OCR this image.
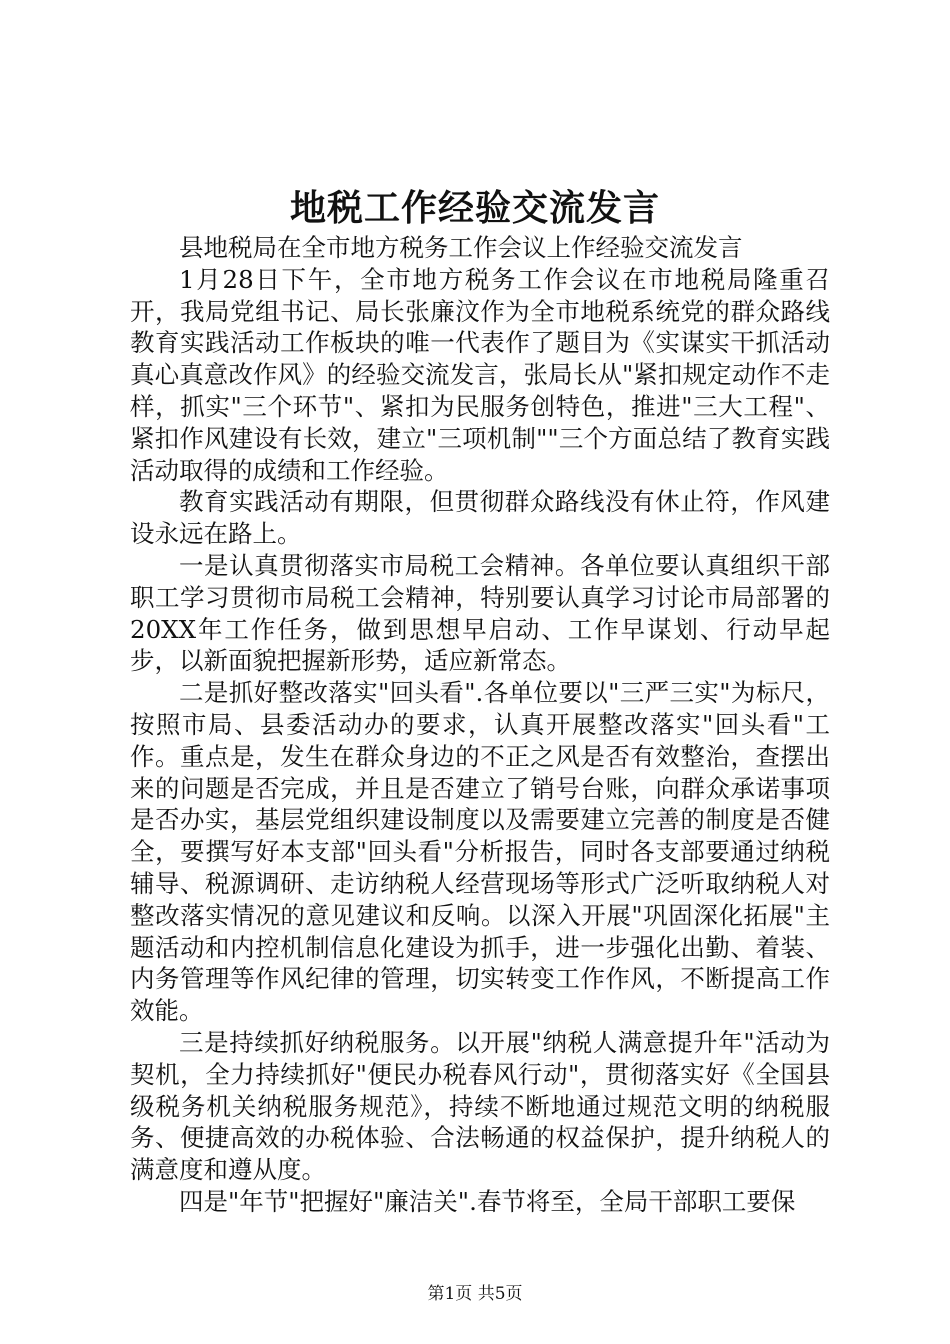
地税工作经验交流发言

县地税局在全市地方税务工作会议上作经验交流发言

1月28日下午，全市地方税务工作会议在市地税局隆重召开，我局党组书记、局长张廉汶作为全市地税系统党的群众路线教育实践活动工作板块的唯一代表作了题目为《实谋实干抓活动真心真意改作风》的经验交流发言，张局长从"紧扣规定动作不走样，抓实"三个环节"、紧扣为民服务创特色，推进"三大工程"、紧扣作风建设有长效，建立"三项机制""三个方面总结了教育实践活动取得的成绩和工作经验。

教育实践活动有期限，但贯彻群众路线没有休止符，作风建设永远在路上。

一是认真贯彻落实市局税工会精神。各单位要认真组织干部职工学习贯彻市局税工会精神，特别要认真学习讨论市局部署的20XX年工作任务，做到思想早启动、工作早谋划、行动早起步，以新面貌把握新形势，适应新常态。

二是抓好整改落实"回头看".各单位要以"三严三实"为标尺，按照市局、县委活动办的要求，认真开展整改落实"回头看"工作。重点是，发生在群众身边的不正之风是否有效整治，查摆出来的问题是否完成，并且是否建立了销号台账，向群众承诺事项是否办实，基层党组织建设制度以及需要建立完善的制度是否健全，要撰写好本支部"回头看"分析报告，同时各支部要通过纳税辅导、税源调研、走访纳税人经营现场等形式广泛听取纳税人对整改落实情况的意见建议和反响。以深入开展"巩固深化拓展"主题活动和内控机制信息化建设为抓手，进一步强化出勤、着装、内务管理等作风纪律的管理，切实转变工作作风，不断提高工作效能。

三是持续抓好纳税服务。以开展"纳税人满意提升年"活动为契机，全力持续抓好"便民办税春风行动"，贯彻落实好《全国县级税务机关纳税服务规范》，持续不断地通过规范文明的纳税服务、便捷高效的办税体验、合法畅通的权益保护，提升纳税人的满意度和遵从度。

四是"年节"把握好"廉洁关".春节将至，全局干部职工要保

第1页 共5页
